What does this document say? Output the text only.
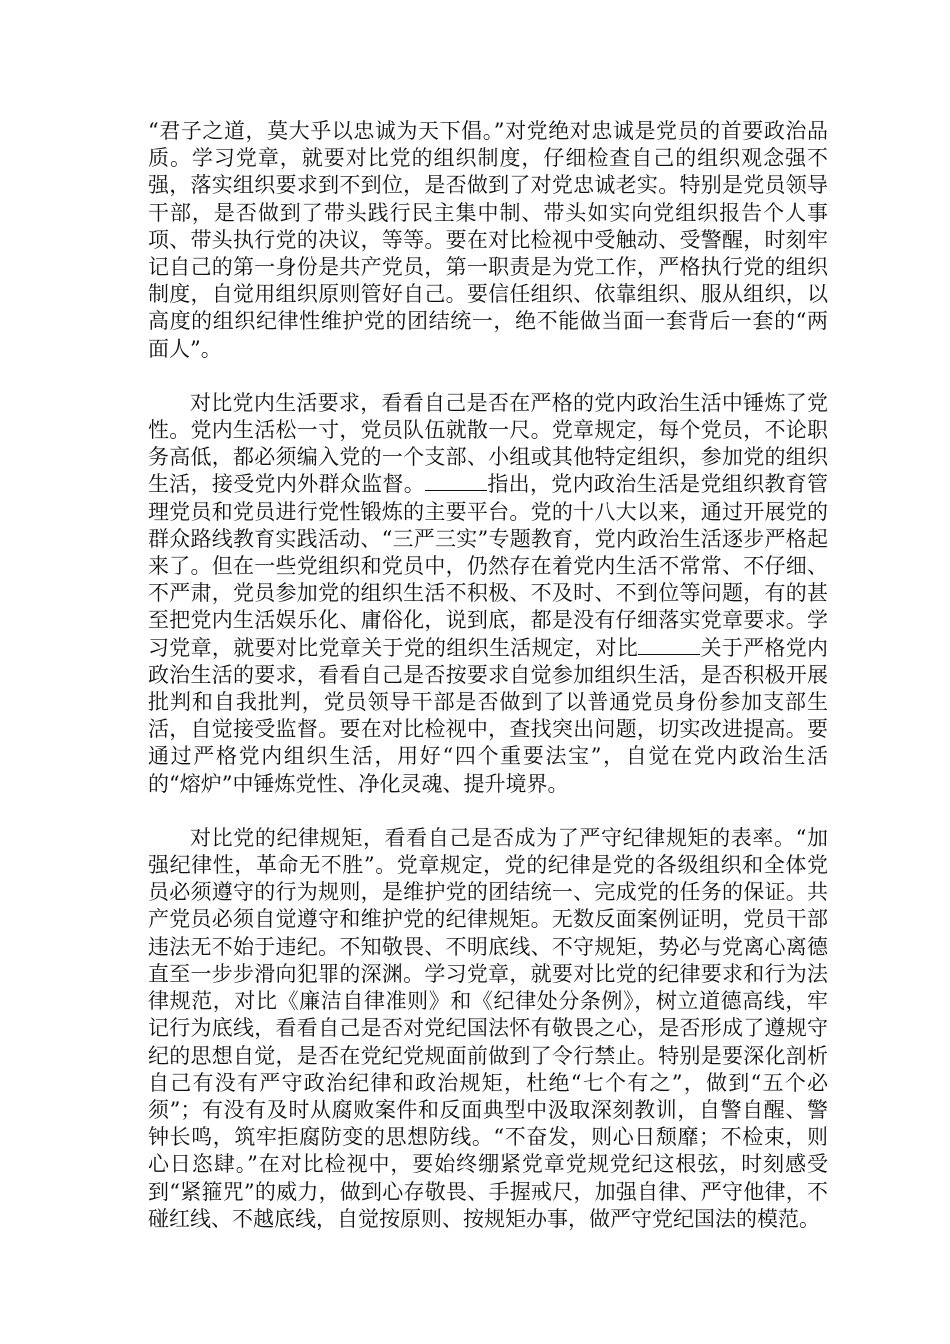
“君子之道，莫大乎以忠诚为天下倡。”对党绝对忠诚是党员的首要政治品质。学习党章，就要对比党的组织制度，仔细检查自己的组织观念强不强，落实组织要求到不到位，是否做到了对党忠诚老实。特别是党员领导干部，是否做到了带头践行民主集中制、带头如实向党组织报告个人事项、带头执行党的决议，等等。要在对比检视中受触动、受警醒，时刻牢记自己的第一身份是共产党员，第一职责是为党工作，严格执行党的组织制度，自觉用组织原则管好自己。要信任组织、依靠组织、服从组织，以高度的组织纪律性维护党的团结统一，绝不能做当面一套背后一套的“两面人”。

对比党内生活要求，看看自己是否在严格的党内政治生活中锤炼了党性。党内生活松一寸，党员队伍就散一尺。党章规定，每个党员，不论职务高低，都必须编入党的一个支部、小组或其他特定组织，参加党的组织生活，接受党内外群众监督。	指出，党内政治生活是党组织教育管理党员和党员进行党性锻炼的主要平台。党的十八大以来，通过开展党的群众路线教育实践活动、“三严三实”专题教育，党内政治生活逐步严格起来了。但在一些党组织和党员中，仍然存在着党内生活不常常、不仔细、不严肃，党员参加党的组织生活不积极、不及时、不到位等问题，有的甚至把党内生活娱乐化、庸俗化，说到底，都是没有仔细落实党章要求。学习党章，就要对比党章关于党的组织生活规定，对比	关于严格党内政治生活的要求，看看自己是否按要求自觉参加组织生活，是否积极开展批判和自我批判，党员领导干部是否做到了以普通党员身份参加支部生活，自觉接受监督。要在对比检视中，查找突出问题，切实改进提高。要通过严格党内组织生活，用好“四个重要法宝”，自觉在党内政治生活的“熔炉”中锤炼党性、净化灵魂、提升境界。

对比党的纪律规矩，看看自己是否成为了严守纪律规矩的表率。“加强纪律性，革命无不胜”。党章规定，党的纪律是党的各级组织和全体党员必须遵守的行为规则，是维护党的团结统一、完成党的任务的保证。共产党员必须自觉遵守和维护党的纪律规矩。无数反面案例证明，党员干部违法无不始于违纪。不知敬畏、不明底线、不守规矩，势必与党离心离德直至一步步滑向犯罪的深渊。学习党章，就要对比党的纪律要求和行为法律规范，对比《廉洁自律准则》和《纪律处分条例》，树立道德高线，牢记行为底线，看看自己是否对党纪国法怀有敬畏之心，是否形成了遵规守纪的思想自觉，是否在党纪党规面前做到了令行禁止。特别是要深化剖析自己有没有严守政治纪律和政治规矩，杜绝“七个有之”，做到“五个必须”；有没有及时从腐败案件和反面典型中汲取深刻教训，自警自醒、警钟长鸣，筑牢拒腐防变的思想防线。“不奋发，则心日颓靡；不检束，则心日恣肆。”在对比检视中，要始终绷紧党章党规党纪这根弦，时刻感受到“紧箍咒”的威力，做到心存敬畏、手握戒尺，加强自律、严守他律，不碰红线、不越底线，自觉按原则、按规矩办事，做严守党纪国法的模范。
